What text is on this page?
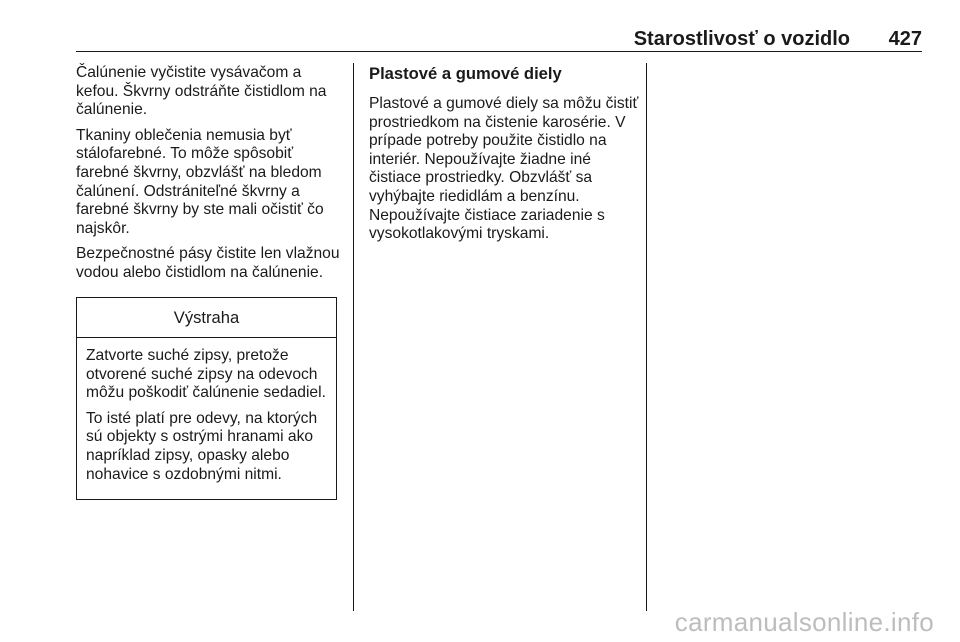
Starostlivosť o vozidlo 427

Čalúnenie vyčistite vysávačom a kefou. Škvrny odstráňte čistidlom na čalúnenie.

Tkaniny oblečenia nemusia byť stálofarebné. To môže spôsobiť farebné škvrny, obzvlášť na bledom čalúnení. Odstrániteľné škvrny a farebné škvrny by ste mali očistiť čo najskôr.

Bezpečnostné pásy čistite len vlažnou vodou alebo čistidlom na čalúnenie.

Výstraha

Zatvorte suché zipsy, pretože otvorené suché zipsy na odevoch môžu poškodiť čalúnenie sedadiel.

To isté platí pre odevy, na ktorých sú objekty s ostrými hranami ako napríklad zipsy, opasky alebo nohavice s ozdobnými nitmi.

Plastové a gumové diely

Plastové a gumové diely sa môžu čistiť prostriedkom na čistenie karosérie. V prípade potreby použite čistidlo na interiér. Nepoužívajte žiadne iné čistiace prostriedky. Obzvlášť sa vyhýbajte riedidlám a benzínu. Nepoužívajte čistiace zariadenie s vysokotlakovými tryskami.

carmanualsonline.info
